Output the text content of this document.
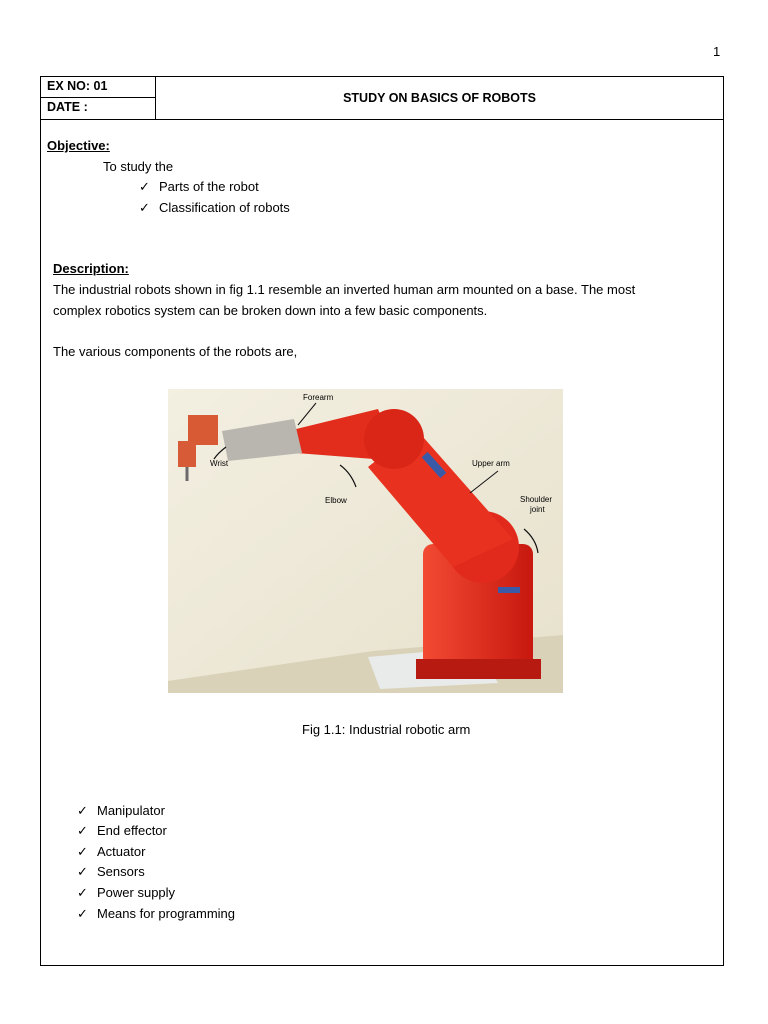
1
EX NO: 01
DATE :
STUDY ON BASICS OF ROBOTS
Objective:
To study the
✓ Parts of the robot
✓ Classification of robots
Description:
The industrial robots shown in fig 1.1 resemble an inverted human arm mounted on a base. The most
complex robotics system can be broken down into a few basic components.
The various components of the robots are,
Forearm
Wrist
Elbow
Upper arm
Shoulder
joint
Fig 1.1: Industrial robotic arm
✓ Manipulator
✓ End effector
✓ Actuator
✓ Sensors
✓ Power supply
✓ Means for programming
